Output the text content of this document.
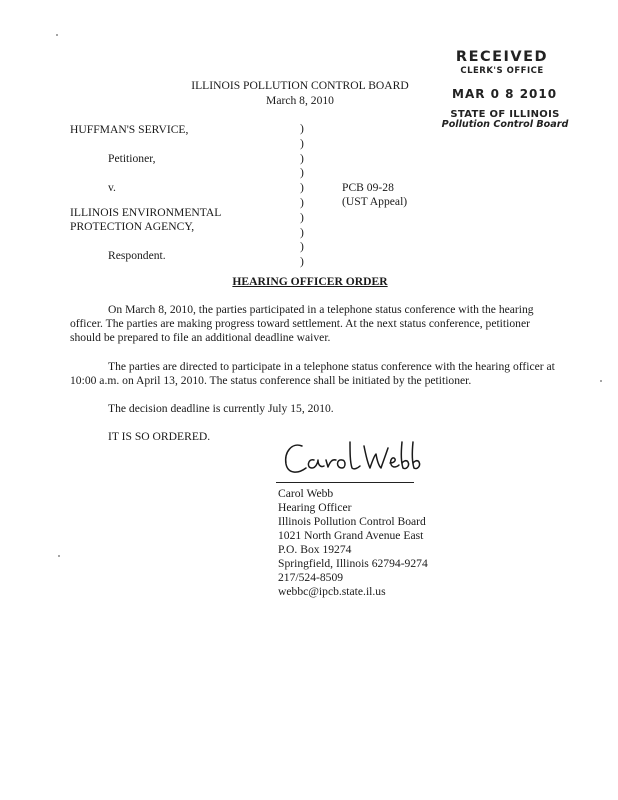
RECEIVED
CLERK'S OFFICE
MAR 0 8 2010
STATE OF ILLINOIS
Pollution Control Board
ILLINOIS POLLUTION CONTROL BOARD
March 8, 2010
HUFFMAN'S SERVICE,
Petitioner,
v.
ILLINOIS ENVIRONMENTAL
PROTECTION AGENCY,
Respondent.
)
)
)
)
)
)
)
)
)
)
PCB 09-28
(UST Appeal)
HEARING OFFICER ORDER
On March 8, 2010, the parties participated in a telephone status conference with the hearing officer. The parties are making progress toward settlement. At the next status conference, petitioner should be prepared to file an additional deadline waiver.
The parties are directed to participate in a telephone status conference with the hearing officer at 10:00 a.m. on April 13, 2010. The status conference shall be initiated by the petitioner.
The decision deadline is currently July 15, 2010.
IT IS SO ORDERED.
Carol Webb
Hearing Officer
Illinois Pollution Control Board
1021 North Grand Avenue East
P.O. Box 19274
Springfield, Illinois 62794-9274
217/524-8509
webbc@ipcb.state.il.us
